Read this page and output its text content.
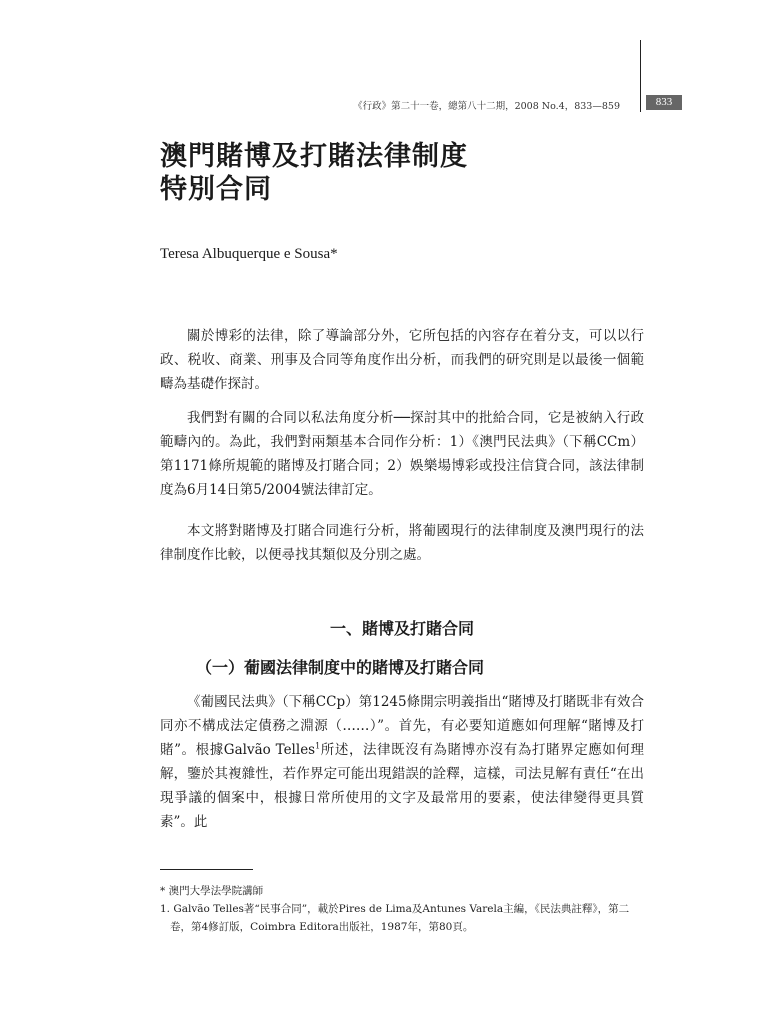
《行政》第二十一卷，總第八十二期，2008 No.4，833—859	833
澳門賭博及打賭法律制度
特別合同
Teresa Albuquerque e Sousa*

關於博彩的法律，除了導論部分外，它所包括的內容存在着分支，可以以行政、税收、商業、刑事及合同等角度作出分析，而我們的研究則是以最後一個範疇為基礎作探討。

我們對有關的合同以私法角度分析──探討其中的批給合同，它是被納入行政範疇內的。為此，我們對兩類基本合同作分析：1）《澳門民法典》（下稱CCm）第1171條所規範的賭博及打賭合同；2）娛樂場博彩或投注信貸合同，該法律制度為6月14日第5/2004號法律訂定。

本文將對賭博及打賭合同進行分析，將葡國現行的法律制度及澳門現行的法律制度作比較，以便尋找其類似及分別之處。

一、賭博及打賭合同
（一）葡國法律制度中的賭博及打賭合同

《葡國民法典》（下稱CCp）第1245條開宗明義指出“賭博及打賭既非有效合同亦不構成法定債務之淵源（……）”。首先，有必要知道應如何理解“賭博及打賭”。根據Galvão Telles$^1$所述，法律既沒有為賭博亦沒有為打賭界定應如何理解，鑒於其複雜性，若作界定可能出現錯誤的詮釋，這樣，司法見解有責任“在出現爭議的個案中，根據日常所使用的文字及最常用的要素，使法律變得更具質素”。此

* 澳門大學法學院講師

1. Galvão Telles著“民事合同”，載於Pires de Lima及Antunes Varela主編，《民法典註釋》，第二卷，第4修訂版，Coimbra Editora出版社，1987年，第80頁。
